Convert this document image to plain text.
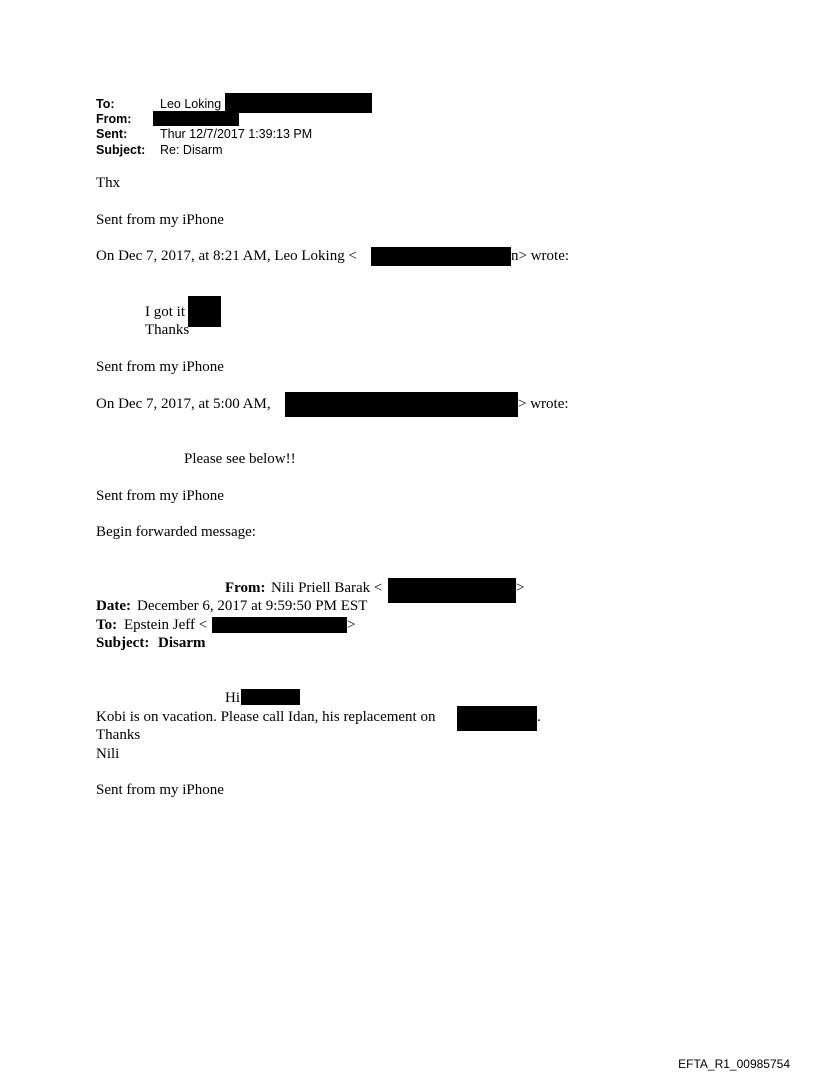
To:	Leo Loking
From:
Sent:	Thur 12/7/2017 1:39:13 PM
Subject: Re: Disarm
Thx
Sent from my iPhone
On Dec 7, 2017, at 8:21 AM, Leo Loking <	n> wrote:
I got it
Thanks
Sent from my iPhone
On Dec 7, 2017, at 5:00 AM,	> wrote:
Please see below!!
Sent from my iPhone
Begin forwarded message:
From: Nili Priell Barak <	>
Date: December 6, 2017 at 9:59:50 PM EST
To: Epstein Jeff <	>
Subject: Disarm
Hi
Kobi is on vacation. Please call Idan, his replacement on	.
Thanks
Nili
Sent from my iPhone
EFTA_R1_00985754
